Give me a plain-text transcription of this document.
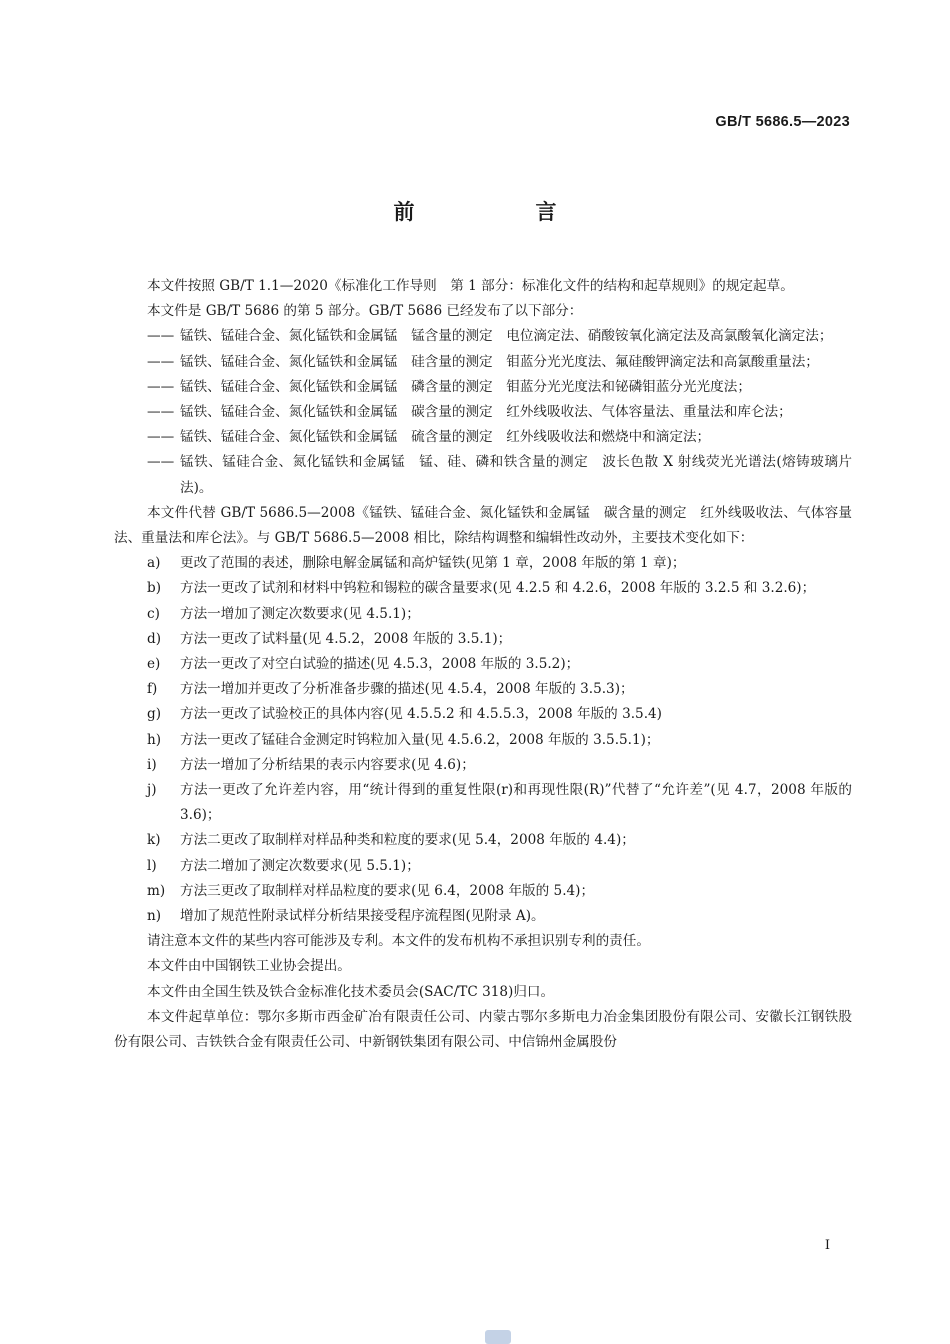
GB/T 5686.5—2023
前　言

本文件按照 GB/T 1.1—2020《标准化工作导则　第 1 部分：标准化文件的结构和起草规则》的规定起草。

本文件是 GB/T 5686 的第 5 部分。GB/T 5686 已经发布了以下部分：

—— 锰铁、锰硅合金、氮化锰铁和金属锰　锰含量的测定　电位滴定法、硝酸铵氧化滴定法及高氯酸氧化滴定法；

—— 锰铁、锰硅合金、氮化锰铁和金属锰　硅含量的测定　钼蓝分光光度法、氟硅酸钾滴定法和高氯酸重量法；

—— 锰铁、锰硅合金、氮化锰铁和金属锰　磷含量的测定　钼蓝分光光度法和铋磷钼蓝分光光度法；

—— 锰铁、锰硅合金、氮化锰铁和金属锰　碳含量的测定　红外线吸收法、气体容量法、重量法和库仑法；

—— 锰铁、锰硅合金、氮化锰铁和金属锰　硫含量的测定　红外线吸收法和燃烧中和滴定法；

—— 锰铁、锰硅合金、氮化锰铁和金属锰　锰、硅、磷和铁含量的测定　波长色散 X 射线荧光光谱法(熔铸玻璃片法)。

本文件代替 GB/T 5686.5—2008《锰铁、锰硅合金、氮化锰铁和金属锰　碳含量的测定　红外线吸收法、气体容量法、重量法和库仑法》。与 GB/T 5686.5—2008 相比，除结构调整和编辑性改动外，主要技术变化如下：

a) 更改了范围的表述，删除电解金属锰和高炉锰铁(见第 1 章，2008 年版的第 1 章)；

b) 方法一更改了试剂和材料中钨粒和锡粒的碳含量要求(见 4.2.5 和 4.2.6，2008 年版的 3.2.5 和 3.2.6)；

c) 方法一增加了测定次数要求(见 4.5.1)；

d) 方法一更改了试料量(见 4.5.2，2008 年版的 3.5.1)；

e) 方法一更改了对空白试验的描述(见 4.5.3，2008 年版的 3.5.2)；

f) 方法一增加并更改了分析准备步骤的描述(见 4.5.4，2008 年版的 3.5.3)；

g) 方法一更改了试验校正的具体内容(见 4.5.5.2 和 4.5.5.3，2008 年版的 3.5.4)

h) 方法一更改了锰硅合金测定时钨粒加入量(见 4.5.6.2，2008 年版的 3.5.5.1)；

i) 方法一增加了分析结果的表示内容要求(见 4.6)；

j) 方法一更改了允许差内容，用“统计得到的重复性限(r)和再现性限(R)”代替了“允许差”(见 4.7，2008 年版的 3.6)；

k) 方法二更改了取制样对样品种类和粒度的要求(见 5.4，2008 年版的 4.4)；

l) 方法二增加了测定次数要求(见 5.5.1)；

m) 方法三更改了取制样对样品粒度的要求(见 6.4，2008 年版的 5.4)；

n) 增加了规范性附录试样分析结果接受程序流程图(见附录 A)。

请注意本文件的某些内容可能涉及专利。本文件的发布机构不承担识别专利的责任。

本文件由中国钢铁工业协会提出。

本文件由全国生铁及铁合金标准化技术委员会(SAC/TC 318)归口。

本文件起草单位：鄂尔多斯市西金矿冶有限责任公司、内蒙古鄂尔多斯电力冶金集团股份有限公司、安徽长江钢铁股份有限公司、吉铁铁合金有限责任公司、中新钢铁集团有限公司、中信锦州金属股份

I
